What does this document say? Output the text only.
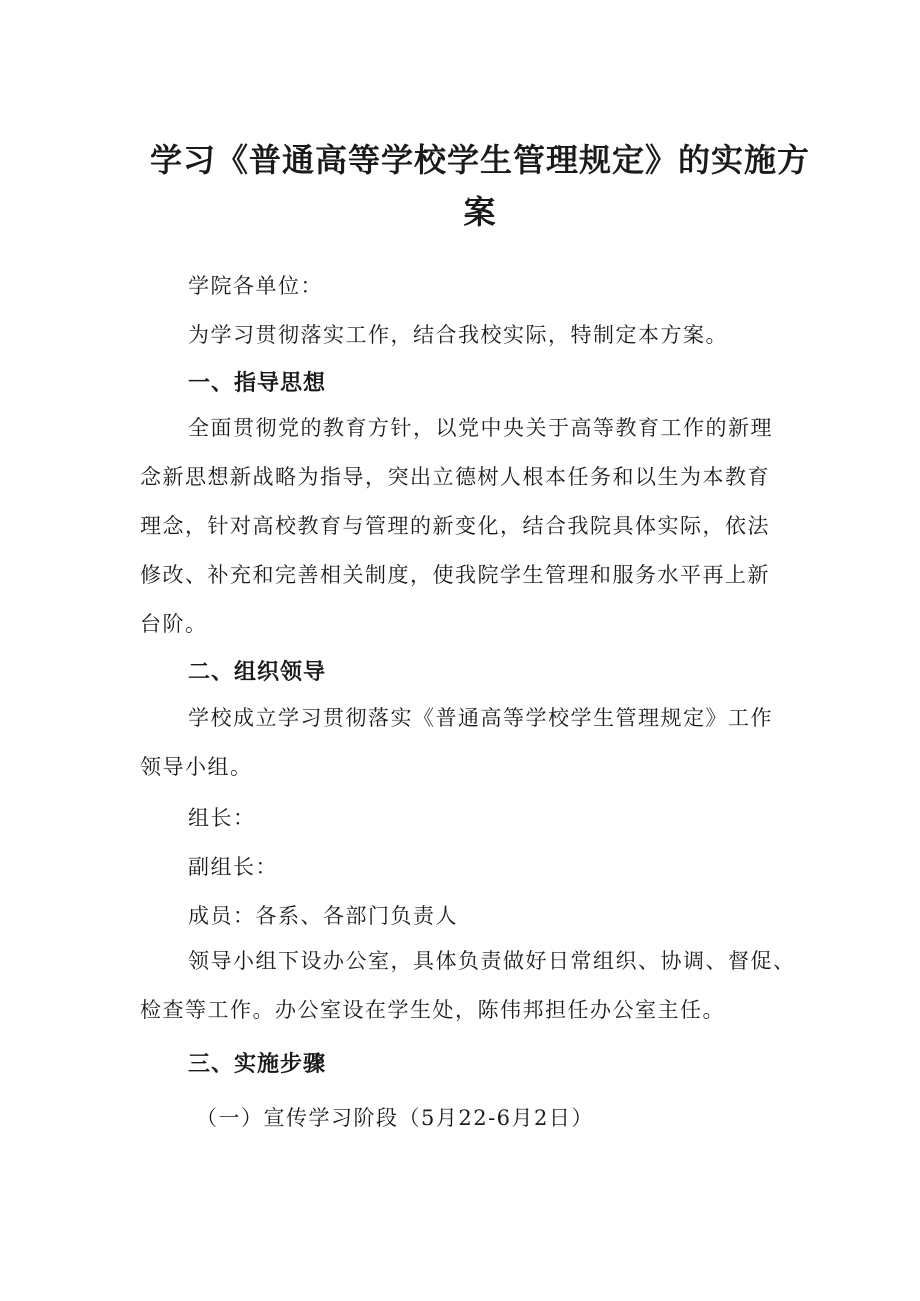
学习《普通高等学校学生管理规定》的实施方
案

学院各单位：

为学习贯彻落实工作，结合我校实际，特制定本方案。

一、指导思想
全面贯彻党的教育方针，以党中央关于高等教育工作的新理
念新思想新战略为指导，突出立德树人根本任务和以生为本教育
理念，针对高校教育与管理的新变化，结合我院具体实际，依法
修改、补充和完善相关制度，使我院学生管理和服务水平再上新
台阶。
二、组织领导
学校成立学习贯彻落实《普通高等学校学生管理规定》工作
领导小组。

组长：

副组长：

成员：各系、各部门负责人

领导小组下设办公室，具体负责做好日常组织、协调、督促、
检查等工作。办公室设在学生处，陈伟邦担任办公室主任。
三、实施步骤

（一）宣传学习阶段（5月22-6月2日）
